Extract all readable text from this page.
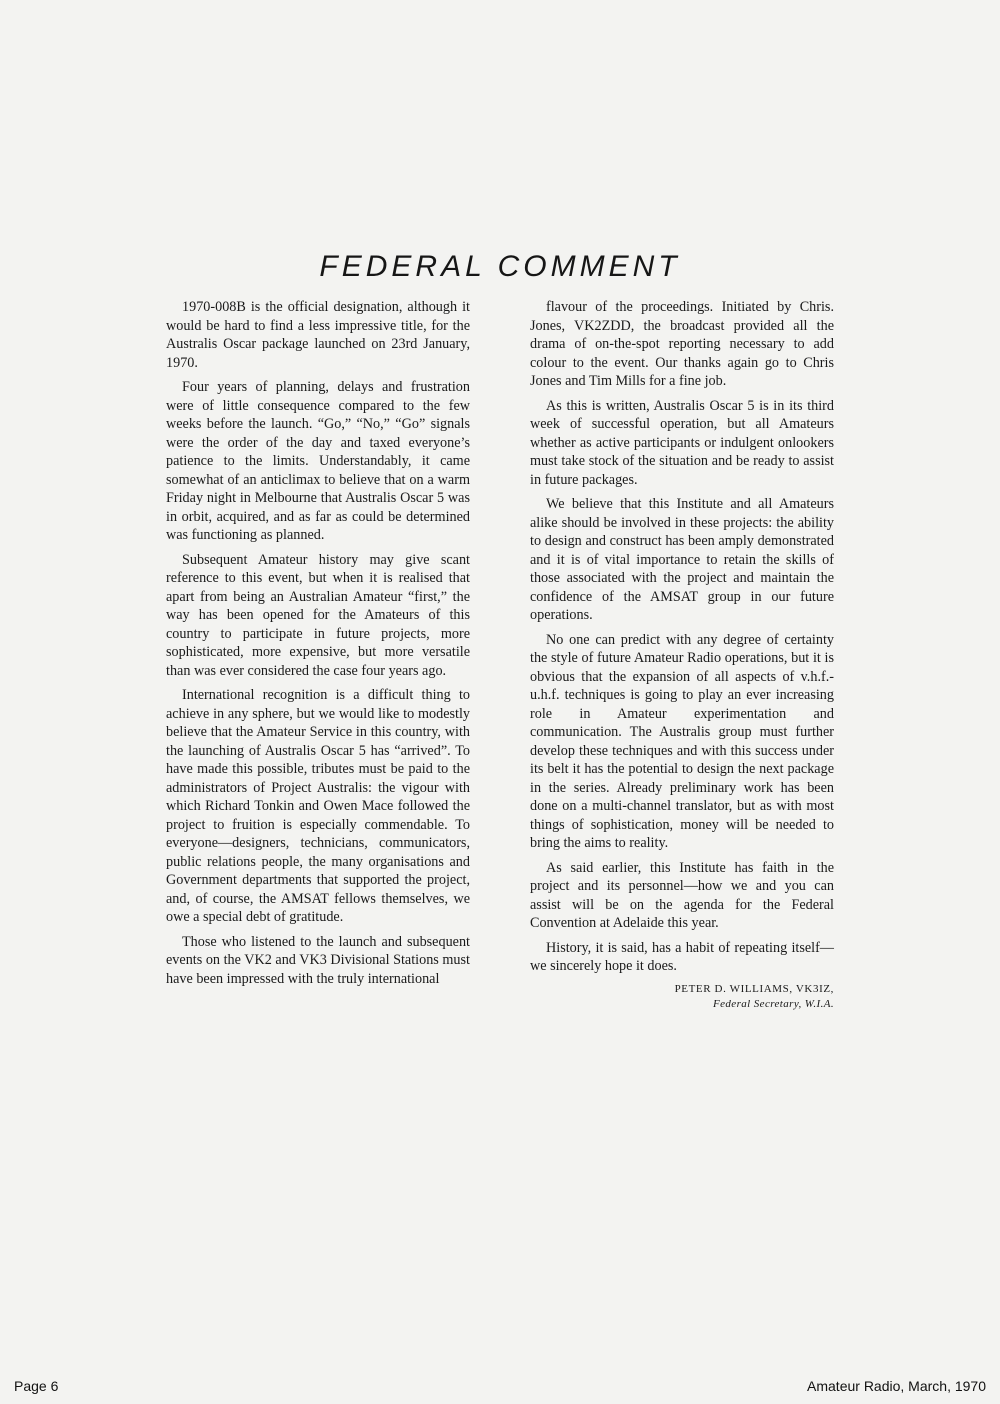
FEDERAL COMMENT

1970-008B is the official designation, although it would be hard to find a less impressive title, for the Australis Oscar package launched on 23rd January, 1970.

Four years of planning, delays and frustration were of little consequence compared to the few weeks before the launch. “Go,” “No,” “Go” signals were the order of the day and taxed everyone’s patience to the limits. Understandably, it came somewhat of an anticlimax to believe that on a warm Friday night in Melbourne that Australis Oscar 5 was in orbit, acquired, and as far as could be determined was functioning as planned.

Subsequent Amateur history may give scant reference to this event, but when it is realised that apart from being an Australian Amateur “first,” the way has been opened for the Amateurs of this country to participate in future projects, more sophisticated, more expensive, but more versatile than was ever considered the case four years ago.

International recognition is a difficult thing to achieve in any sphere, but we would like to modestly believe that the Amateur Service in this country, with the launching of Australis Oscar 5 has “arrived”. To have made this possible, tributes must be paid to the administrators of Project Australis: the vigour with which Richard Tonkin and Owen Mace followed the project to fruition is especially commendable. To everyone—designers, technicians, communicators, public relations people, the many organisations and Government departments that supported the project, and, of course, the AMSAT fellows themselves, we owe a special debt of gratitude.

Those who listened to the launch and subsequent events on the VK2 and VK3 Divisional Stations must have been impressed with the truly international

flavour of the proceedings. Initiated by Chris. Jones, VK2ZDD, the broadcast provided all the drama of on-the-spot reporting necessary to add colour to the event. Our thanks again go to Chris Jones and Tim Mills for a fine job.

As this is written, Australis Oscar 5 is in its third week of successful operation, but all Amateurs whether as active participants or indulgent onlookers must take stock of the situation and be ready to assist in future packages.

We believe that this Institute and all Amateurs alike should be involved in these projects: the ability to design and construct has been amply demonstrated and it is of vital importance to retain the skills of those associated with the project and maintain the confidence of the AMSAT group in our future operations.

No one can predict with any degree of certainty the style of future Amateur Radio operations, but it is obvious that the expansion of all aspects of v.h.f.-u.h.f. techniques is going to play an ever increasing role in Amateur experimentation and communication. The Australis group must further develop these techniques and with this success under its belt it has the potential to design the next package in the series. Already preliminary work has been done on a multi-channel translator, but as with most things of sophistication, money will be needed to bring the aims to reality.

As said earlier, this Institute has faith in the project and its personnel—how we and you can assist will be on the agenda for the Federal Convention at Adelaide this year.

History, it is said, has a habit of repeating itself—we sincerely hope it does.

PETER D. WILLIAMS, VK3IZ,
Federal Secretary, W.I.A.
Page 6	Amateur Radio, March, 1970
